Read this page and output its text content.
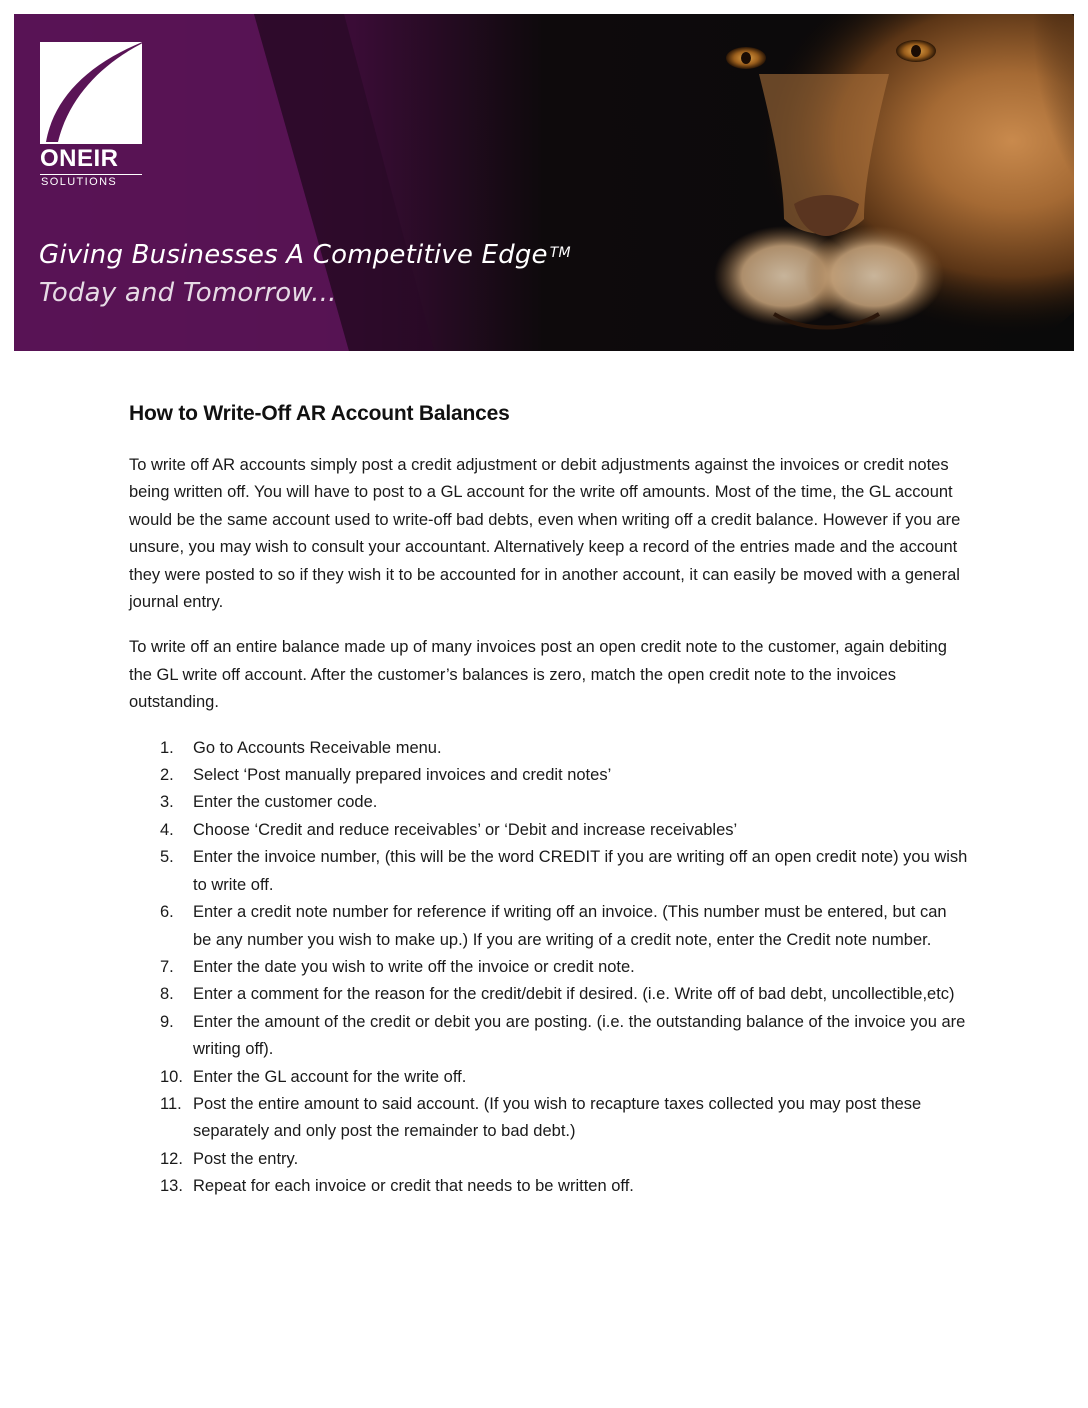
ONEIR
SOLUTIONS
Giving Businesses A Competitive Edge ™
Today and Tomorrow...
How to Write-Off AR Account Balances

To write off AR accounts simply post a credit adjustment or debit adjustments against the invoices or credit notes being written off. You will have to post to a GL account for the write off amounts. Most of the time, the GL account would be the same account used to write-off bad debts, even when writing off a credit balance. However if you are unsure, you may wish to consult your accountant. Alternatively keep a record of the entries made and the account they were posted to so if they wish it to be accounted for in another account, it can easily be moved with a general journal entry.

To write off an entire balance made up of many invoices post an open credit note to the customer, again debiting the GL write off account. After the customer’s balances is zero, match the open credit note to the invoices outstanding.

1. Go to Accounts Receivable menu.
2. Select ‘Post manually prepared invoices and credit notes’
3. Enter the customer code.
4. Choose ‘Credit and reduce receivables’ or ‘Debit and increase receivables’
5. Enter the invoice number, (this will be the word CREDIT if you are writing off an open credit note) you wish to write off.
6. Enter a credit note number for reference if writing off an invoice. (This number must be entered, but can be any number you wish to make up.) If you are writing of a credit note, enter the Credit note number.
7. Enter the date you wish to write off the invoice or credit note.
8. Enter a comment for the reason for the credit/debit if desired. (i.e. Write off of bad debt, uncollectible,etc)
9. Enter the amount of the credit or debit you are posting. (i.e. the outstanding balance of the invoice you are writing off).
10. Enter the GL account for the write off.
11. Post the entire amount to said account. (If you wish to recapture taxes collected you may post these separately and only post the remainder to bad debt.)
12. Post the entry.
13. Repeat for each invoice or credit that needs to be written off.
